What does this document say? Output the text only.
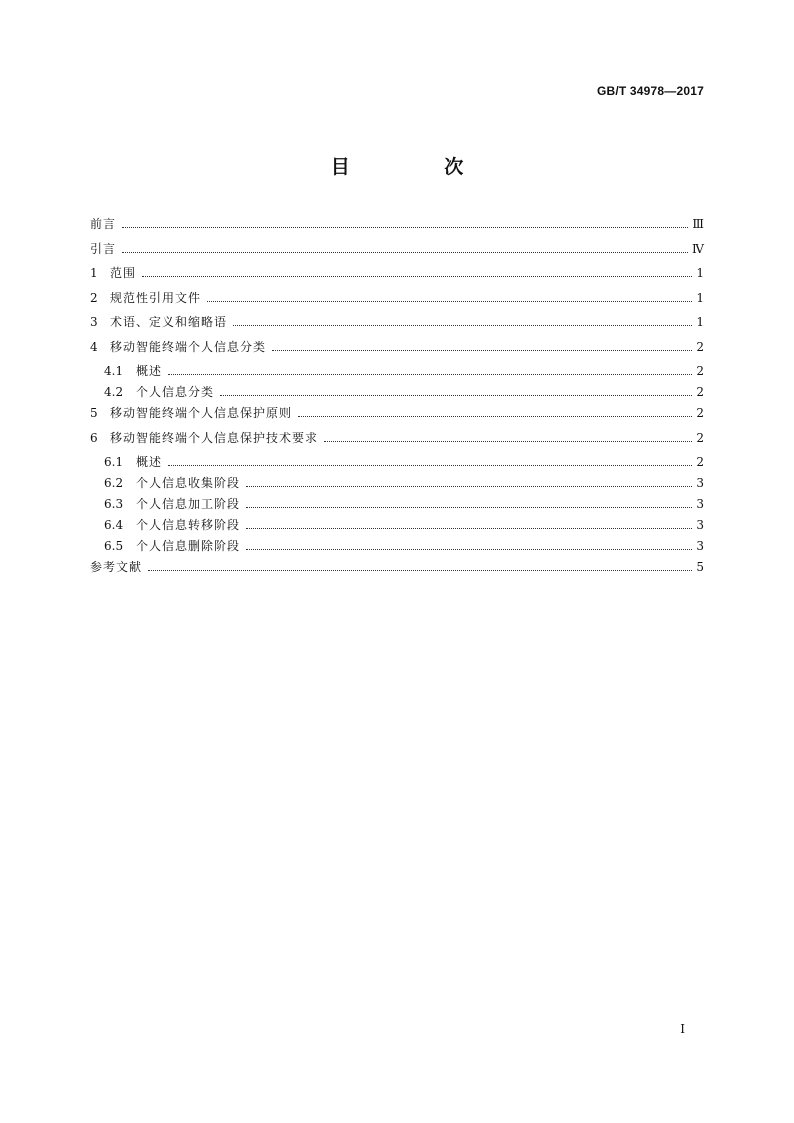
GB/T 34978—2017
目 次
前言	Ⅲ
引言	Ⅳ
1	范围	1
2	规范性引用文件	1
3	术语、定义和缩略语	1
4	移动智能终端个人信息分类	2
4.1	概述	2
4.2	个人信息分类	2
5	移动智能终端个人信息保护原则	2
6	移动智能终端个人信息保护技术要求	2
6.1	概述	2
6.2	个人信息收集阶段	3
6.3	个人信息加工阶段	3
6.4	个人信息转移阶段	3
6.5	个人信息删除阶段	3
参考文献	5
I
